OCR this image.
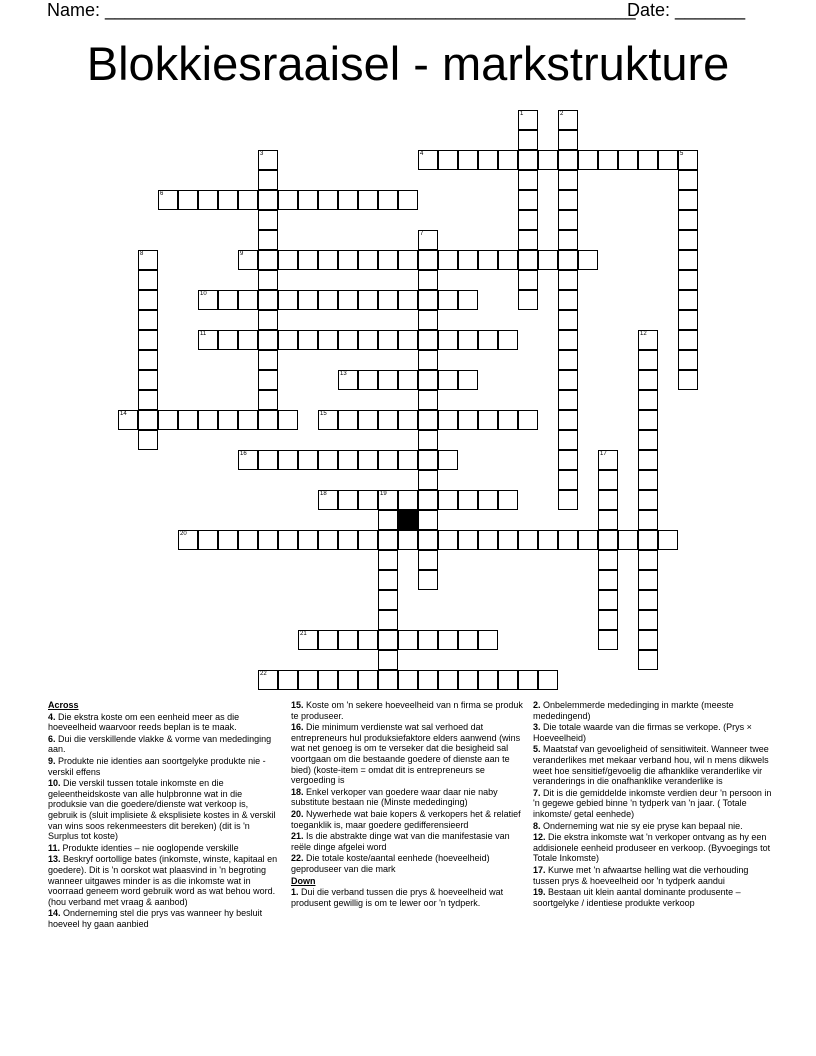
Name: _____________________________________________________
Date: _______
Blokkiesraaisel - markstrukture
1	2
3	4	5
6
7
8	9
10
11	12
13
14	15
16	17
18	19
20
21
22
Across

4. Die ekstra koste om een eenheid meer as die hoeveelheid waarvoor reeds beplan is te maak.

6. Dui die verskillende vlakke & vorme van mededinging aan.

9. Produkte nie identies aan soortgelyke produkte nie - verskil effens

10. Die verskil tussen totale inkomste en die geleentheidskoste van alle hulpbronne wat in die produksie van die goedere/dienste wat verkoop is, gebruik is (sluit implisiete & eksplisiete kostes in & verskil van wins soos rekenmeesters dit bereken) (dit is 'n Surplus tot koste)

11. Produkte identies – nie ooglopende verskille

13. Beskryf oortollige bates (inkomste, winste, kapitaal en goedere). Dit is 'n oorskot wat plaasvind in 'n begroting wanneer uitgawes minder is as die inkomste wat in voorraad geneem word gebruik word as wat behou word. (hou verband met vraag & aanbod)

14. Onderneming stel die prys vas wanneer hy besluit hoeveel hy gaan aanbied

15. Koste om 'n sekere hoeveelheid van n firma se produk te produseer.

16. Die minimum verdienste wat sal verhoed dat entrepreneurs hul produksiefaktore elders aanwend (wins wat net genoeg is om te verseker dat die besigheid sal voortgaan om die bestaande goedere of dienste aan te bied) (koste-item = omdat dit is entrepreneurs se vergoeding is

18. Enkel verkoper van goedere waar daar nie naby substitute bestaan nie (Minste mededinging)

20. Nywerhede wat baie kopers & verkopers het & relatief toeganklik is, maar goedere gedifferensieerd

21. Is die abstrakte dinge wat van die manifestasie van reële dinge afgelei word

22. Die totale koste/aantal eenhede (hoeveelheid) geproduseer van die mark

Down

1. Dui die verband tussen die prys & hoeveelheid wat produsent gewillig is om te lewer oor 'n tydperk.

2. Onbelemmerde mededinging in markte (meeste mededingend)

3. Die totale waarde van die firmas se verkope. (Prys × Hoeveelheid)

5. Maatstaf van gevoeligheid of sensitiwiteit. Wanneer twee veranderlikes met mekaar verband hou, wil n mens dikwels weet hoe sensitief/gevoelig die afhanklike veranderlike vir veranderings in die onafhanklike veranderlike is

7. Dit is die gemiddelde inkomste verdien deur 'n persoon in 'n gegewe gebied binne 'n tydperk van 'n jaar. ( Totale inkomste/ getal eenhede)

8. Onderneming wat nie sy eie pryse kan bepaal nie.

12. Die ekstra inkomste wat 'n verkoper ontvang as hy een addisionele eenheid produseer en verkoop. (Byvoegings tot Totale Inkomste)

17. Kurwe met 'n afwaartse helling wat die verhouding tussen prys & hoeveelheid oor 'n tydperk aandui

19. Bestaan uit klein aantal dominante produsente – soortgelyke / identiese produkte verkoop
